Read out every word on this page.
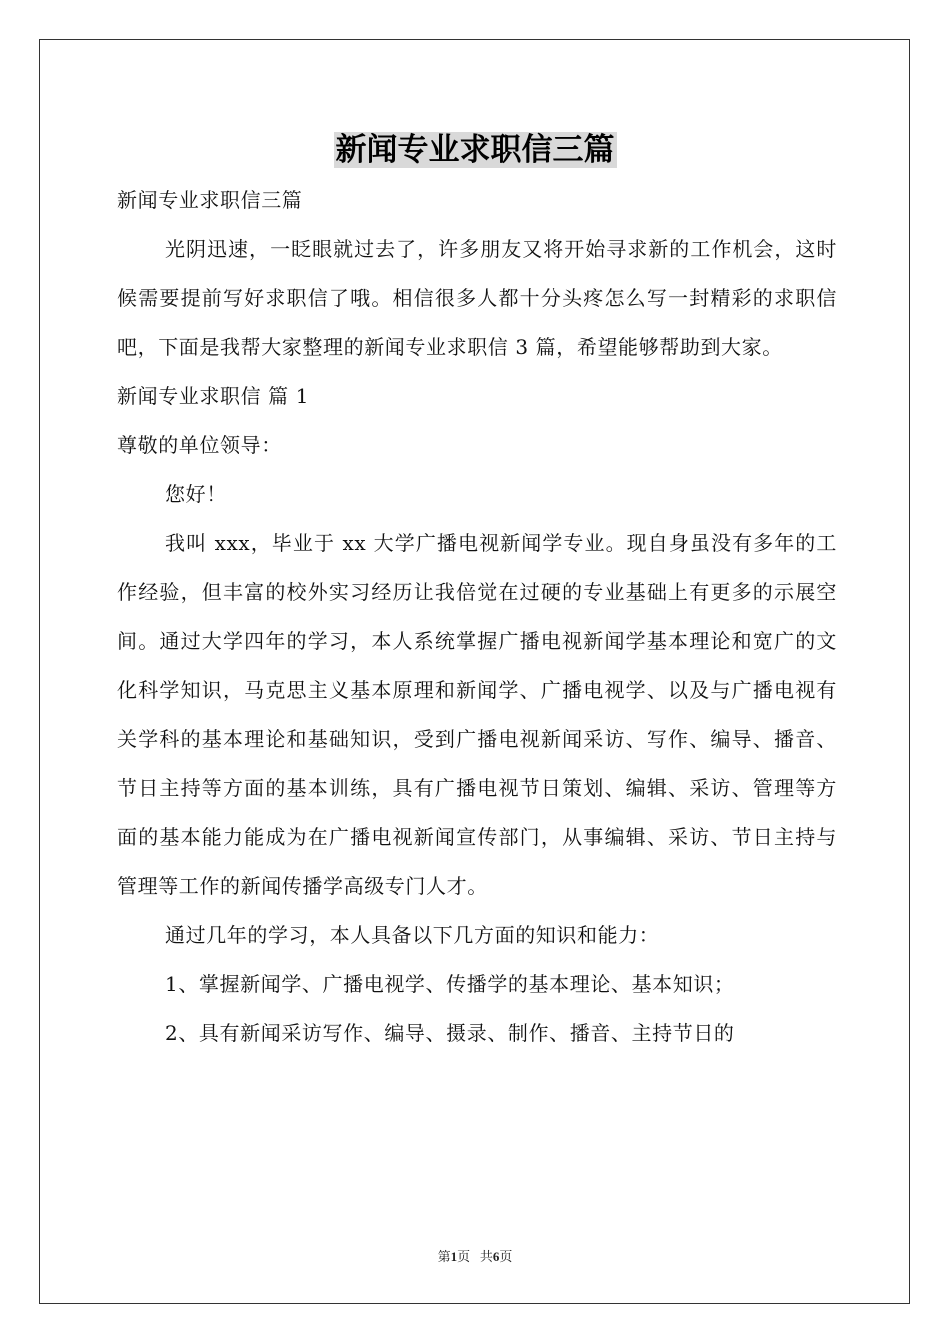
新闻专业求职信三篇

新闻专业求职信三篇

光阴迅速，一眨眼就过去了，许多朋友又将开始寻求新的工作机会，这时候需要提前写好求职信了哦。相信很多人都十分头疼怎么写一封精彩的求职信吧，下面是我帮大家整理的新闻专业求职信 3 篇，希望能够帮助到大家。

新闻专业求职信 篇 1

尊敬的单位领导：

您好！

我叫 xxx，毕业于 xx 大学广播电视新闻学专业。现自身虽没有多年的工作经验，但丰富的校外实习经历让我倍觉在过硬的专业基础上有更多的示展空间。通过大学四年的学习，本人系统掌握广播电视新闻学基本理论和宽广的文化科学知识，马克思主义基本原理和新闻学、广播电视学、以及与广播电视有关学科的基本理论和基础知识，受到广播电视新闻采访、写作、编导、播音、节日主持等方面的基本训练，具有广播电视节日策划、编辑、采访、管理等方面的基本能力能成为在广播电视新闻宣传部门，从事编辑、采访、节日主持与管理等工作的新闻传播学高级专门人才。

通过几年的学习，本人具备以下几方面的知识和能力：

1、掌握新闻学、广播电视学、传播学的基本理论、基本知识；

2、具有新闻采访写作、编导、摄录、制作、播音、主持节日的

第1页 共6页
